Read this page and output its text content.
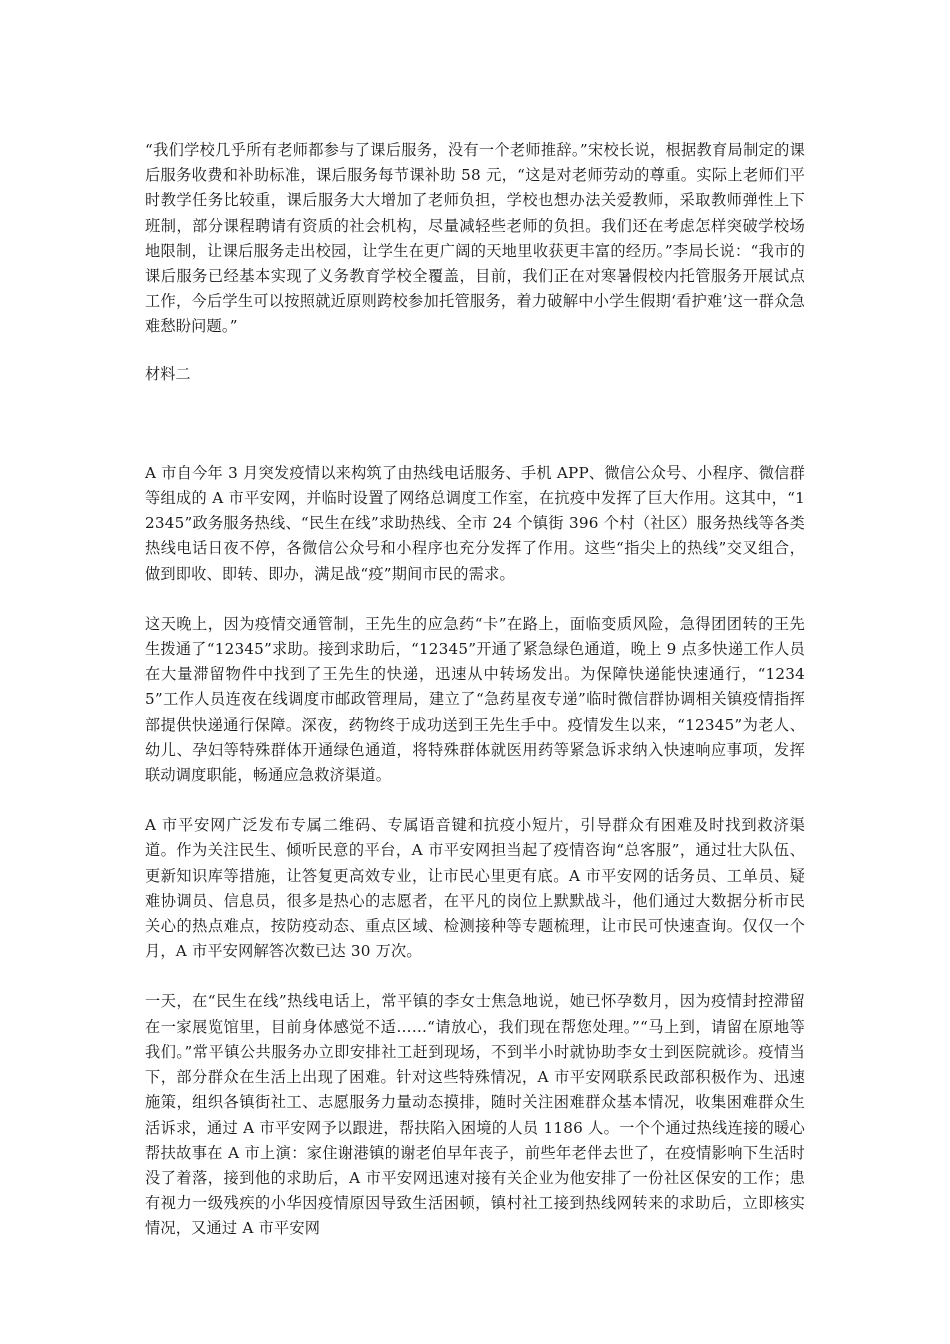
“我们学校几乎所有老师都参与了课后服务，没有一个老师推辞。”宋校长说，根据教育局制定的课后服务收费和补助标准，课后服务每节课补助 58 元，“这是对老师劳动的尊重。实际上老师们平时教学任务比较重，课后服务大大增加了老师负担，学校也想办法关爱教师，采取教师弹性上下班制，部分课程聘请有资质的社会机构，尽量减轻些老师的负担。我们还在考虑怎样突破学校场地限制，让课后服务走出校园，让学生在更广阔的天地里收获更丰富的经历。”李局长说：“我市的课后服务已经基本实现了义务教育学校全覆盖，目前，我们正在对寒暑假校内托管服务开展试点工作，今后学生可以按照就近原则跨校参加托管服务，着力破解中小学生假期‘看护难’这一群众急难愁盼问题。”

材料二

A 市自今年 3 月突发疫情以来构筑了由热线电话服务、手机 APP、微信公众号、小程序、微信群等组成的 A 市平安网，并临时设置了网络总调度工作室，在抗疫中发挥了巨大作用。这其中，“12345”政务服务热线、“民生在线”求助热线、全市 24 个镇街 396 个村（社区）服务热线等各类热线电话日夜不停，各微信公众号和小程序也充分发挥了作用。这些“指尖上的热线”交叉组合，做到即收、即转、即办，满足战“疫”期间市民的需求。

这天晚上，因为疫情交通管制，王先生的应急药“卡”在路上，面临变质风险，急得团团转的王先生拨通了“12345”求助。接到求助后，“12345”开通了紧急绿色通道，晚上 9 点多快递工作人员在大量滞留物件中找到了王先生的快递，迅速从中转场发出。为保障快递能快速通行，“12345”工作人员连夜在线调度市邮政管理局，建立了“急药星夜专递”临时微信群协调相关镇疫情指挥部提供快递通行保障。深夜，药物终于成功送到王先生手中。疫情发生以来，“12345”为老人、幼儿、孕妇等特殊群体开通绿色通道，将特殊群体就医用药等紧急诉求纳入快速响应事项，发挥联动调度职能，畅通应急救济渠道。

A 市平安网广泛发布专属二维码、专属语音键和抗疫小短片，引导群众有困难及时找到救济渠道。作为关注民生、倾听民意的平台，A 市平安网担当起了疫情咨询“总客服”，通过壮大队伍、更新知识库等措施，让答复更高效专业，让市民心里更有底。A 市平安网的话务员、工单员、疑难协调员、信息员，很多是热心的志愿者，在平凡的岗位上默默战斗，他们通过大数据分析市民关心的热点难点，按防疫动态、重点区域、检测接种等专题梳理，让市民可快速查询。仅仅一个月，A 市平安网解答次数已达 30 万次。

一天，在“民生在线”热线电话上，常平镇的李女士焦急地说，她已怀孕数月，因为疫情封控滞留在一家展览馆里，目前身体感觉不适……“请放心，我们现在帮您处理。”“马上到，请留在原地等我们。”常平镇公共服务办立即安排社工赶到现场，不到半小时就协助李女士到医院就诊。疫情当下，部分群众在生活上出现了困难。针对这些特殊情况，A 市平安网联系民政部积极作为、迅速施策，组织各镇街社工、志愿服务力量动态摸排，随时关注困难群众基本情况，收集困难群众生活诉求，通过 A 市平安网予以跟进，帮扶陷入困境的人员 1186 人。一个个通过热线连接的暖心帮扶故事在 A 市上演：家住谢港镇的谢老伯早年丧子，前些年老伴去世了，在疫情影响下生活时没了着落，接到他的求助后，A 市平安网迅速对接有关企业为他安排了一份社区保安的工作；患有视力一级残疾的小华因疫情原因导致生活困顿，镇村社工接到热线网转来的求助后，立即核实情况，又通过 A 市平安网
